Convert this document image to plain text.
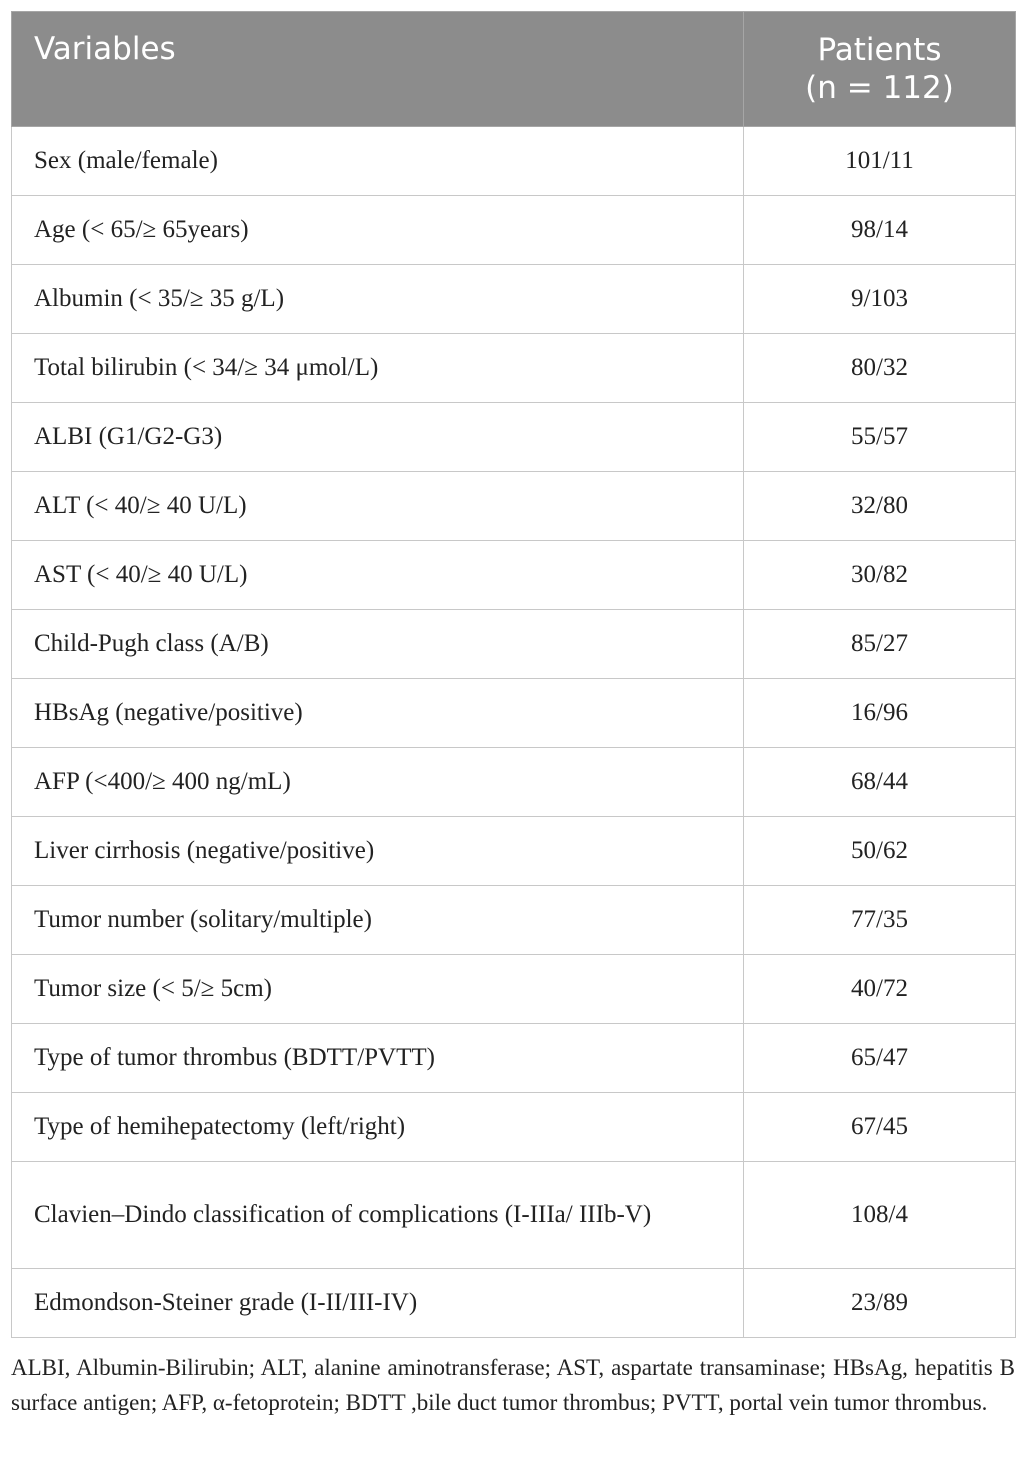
Variables	Patients
(n = 112)

Sex (male/female)	101/11
Age (< 65/≥ 65years)	98/14
Albumin (< 35/≥ 35 g/L)	9/103
Total bilirubin (< 34/≥ 34 μmol/L)	80/32
ALBI (G1/G2-G3)	55/57
ALT (< 40/≥ 40 U/L)	32/80
AST (< 40/≥ 40 U/L)	30/82
Child-Pugh class (A/B)	85/27
HBsAg (negative/positive)	16/96
AFP (<400/≥ 400 ng/mL)	68/44
Liver cirrhosis (negative/positive)	50/62
Tumor number (solitary/multiple)	77/35
Tumor size (< 5/≥ 5cm)	40/72
Type of tumor thrombus (BDTT/PVTT)	65/47
Type of hemihepatectomy (left/right)	67/45
Clavien–Dindo classification of complications (I-IIIa/ IIIb-V)	108/4
Edmondson-Steiner grade (I-II/III-IV)	23/89
ALBI, Albumin-Bilirubin; ALT, alanine aminotransferase; AST, aspartate transaminase; HBsAg, hepatitis B surface antigen; AFP, α-fetoprotein; BDTT ,bile duct tumor thrombus; PVTT, portal vein tumor thrombus.
